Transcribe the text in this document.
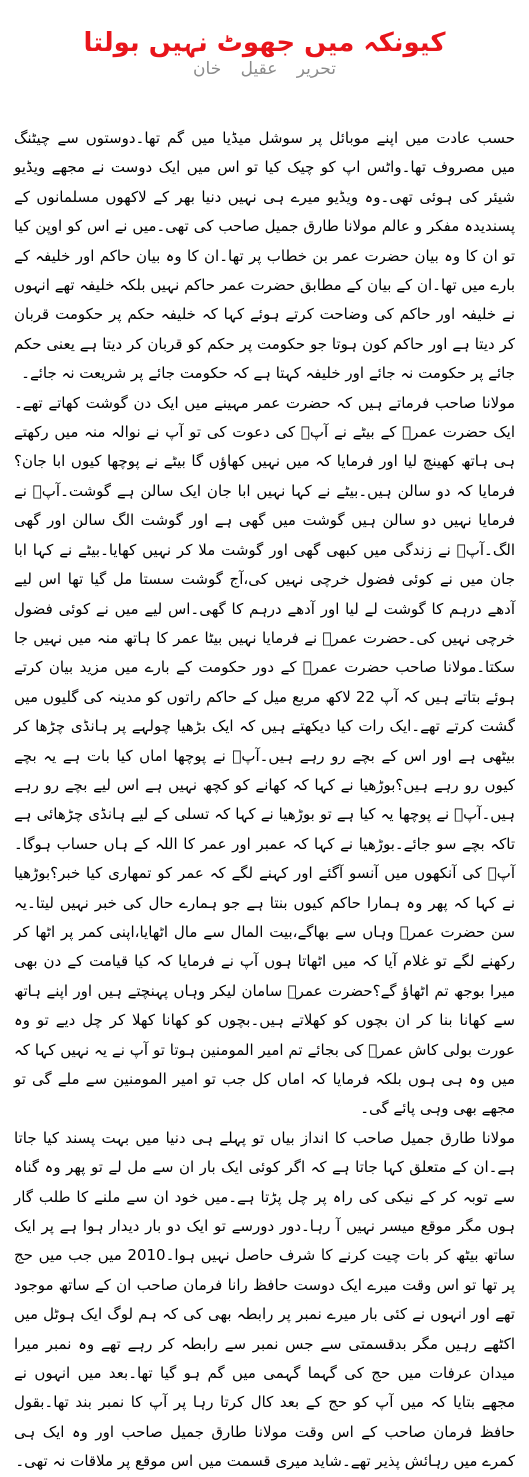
کیونکہ میں جھوٹ نہیں بولتا
تحریر عقیل خان

حسب عادت میں اپنے موبائل پر سوشل میڈیا میں گم تھا۔دوستوں سے چیٹنگ میں مصروف تھا۔واٹس اپ کو چیک کیا تو اس میں ایک دوست نے مجھے ویڈیو شیئر کی ہوئی تھی۔وہ ویڈیو میرے ہی نہیں دنیا بھر کے لاکھوں مسلمانوں کے پسندیدہ مفکر و عالم مولانا طارق جمیل صاحب کی تھی۔میں نے اس کو اوپن کیا تو ان کا وہ بیان حضرت عمر بن خطاب پر تھا۔ان کا وہ بیان حاکم اور خلیفہ کے بارے میں تھا۔ان کے بیان کے مطابق حضرت عمر حاکم نہیں بلکہ خلیفہ تھے انہوں نے خلیفہ اور حاکم کی وضاحت کرتے ہوئے کہا کہ خلیفہ حکم پر حکومت قربان کر دیتا ہے اور حاکم کون ہوتا جو حکومت پر حکم کو قربان کر دیتا ہے یعنی حکم جائے پر حکومت نہ جائے اور خلیفہ کہتا ہے کہ حکومت جائے پر شریعت نہ جائے۔

مولانا صاحب فرماتے ہیں کہ حضرت عمر مہینے میں ایک دن گوشت کھاتے تھے۔ایک حضرت عمرؓ کے بیٹے نے آپؓ کی دعوت کی تو آپ نے نوالہ منہ میں رکھتے ہی ہاتھ کھینچ لیا اور فرمایا کہ میں نہیں کھاؤں گا بیٹے نے پوچھا کیوں ابا جان؟فرمایا کہ دو سالن ہیں۔بیٹے نے کہا نہیں ابا جان ایک سالن ہے گوشت۔آپؓ نے فرمایا نہیں دو سالن ہیں گوشت میں گھی ہے اور گوشت الگ سالن اور گھی الگ۔آپؓ نے زندگی میں کبھی گھی اور گوشت ملا کر نہیں کھایا۔بیٹے نے کہا ابا جان میں نے کوئی فضول خرچی نہیں کی،آج گوشت سستا مل گیا تھا اس لیے آدھے درہم کا گوشت لے لیا اور آدھے درہم کا گھی۔اس لیے میں نے کوئی فضول خرچی نہیں کی۔حضرت عمرؓ نے فرمایا نہیں بیٹا عمر کا ہاتھ منہ میں نہیں جا سکتا۔مولانا صاحب حضرت عمرؓ کے دور حکومت کے بارے میں مزید بیان کرتے ہوئے بتاتے ہیں کہ آپ 22 لاکھ مربع میل کے حاکم راتوں کو مدینہ کی گلیوں میں گشت کرتے تھے۔ایک رات کیا دیکھتے ہیں کہ ایک بڑھیا چولہے پر ہانڈی چڑھا کر بیٹھی ہے اور اس کے بچے رو رہے ہیں۔آپؓ نے پوچھا اماں کیا بات ہے یہ بچے کیوں رو رہے ہیں؟بوڑھیا نے کہا کہ کھانے کو کچھ نہیں ہے اس لیے بچے رو رہے ہیں۔آپؓ نے پوچھا یہ کیا ہے تو بوڑھیا نے کہا کہ تسلی کے لیے ہانڈی چڑھائی ہے تاکہ بچے سو جائے۔بوڑھیا نے کہا کہ عمبر اور عمر کا اللہ کے ہاں حساب ہوگا۔آپؓ کی آنکھوں میں آنسو آگئے اور کہنے لگے کہ عمر کو تمھاری کیا خبر؟بوڑھیا نے کہا کہ پھر وہ ہمارا حاکم کیوں بنتا ہے جو ہمارے حال کی خبر نہیں لیتا۔یہ سن حضرت عمرؓ وہاں سے بھاگے،بیت المال سے مال اٹھایا،اپنی کمر پر اٹھا کر رکھنے لگے تو غلام آیا کہ میں اٹھاتا ہوں آپ نے فرمایا کہ کیا قیامت کے دن بھی میرا بوجھ تم اٹھاؤ گے؟حضرت عمرؓ سامان لیکر وہاں پہنچتے ہیں اور اپنے ہاتھ سے کھانا بنا کر ان بچوں کو کھلاتے ہیں۔بچوں کو کھانا کھلا کر چل دیے تو وہ عورت بولی کاش عمرؓ کی بجائے تم امیر المومنین ہوتا تو آپ نے یہ نہیں کہا کہ میں وہ ہی ہوں بلکہ فرمایا کہ اماں کل جب تو امیر المومنین سے ملے گی تو مجھے بھی وہی پائے گی۔

مولانا طارق جمیل صاحب کا انداز بیاں تو پہلے ہی دنیا میں بہت پسند کیا جاتا ہے۔ان کے متعلق کہا جاتا ہے کہ اگر کوئی ایک بار ان سے مل لے تو پھر وہ گناہ سے توبہ کر کے نیکی کی راہ پر چل پڑتا ہے۔میں خود ان سے ملنے کا طلب گار ہوں مگر موقع میسر نہیں آ رہا۔دور دورسے تو ایک دو بار دیدار ہوا ہے پر ایک ساتھ بیٹھ کر بات چیت کرنے کا شرف حاصل نہیں ہوا۔2010 میں جب میں حج پر تھا تو اس وقت میرے ایک دوست حافظ رانا فرمان صاحب ان کے ساتھ موجود تھے اور انہوں نے کئی بار میرے نمبر پر رابطہ بھی کی کہ ہم لوگ ایک ہوٹل میں اکٹھے رہیں مگر بدقسمتی سے جس نمبر سے رابطہ کر رہے تھے وہ نمبر میرا میدان عرفات میں حج کی گہما گہمی میں گم ہو گیا تھا۔بعد میں انہوں نے مجھے بتایا کہ میں آپ کو حج کے بعد کال کرتا رہا پر آپ کا نمبر بند تھا۔بقول حافظ فرمان صاحب کے اس وقت مولانا طارق جمیل صاحب اور وہ ایک ہی کمرے میں رہائش پذیر تھے۔شاید میری قسمت میں اس موقع پر ملاقات نہ تھی۔
